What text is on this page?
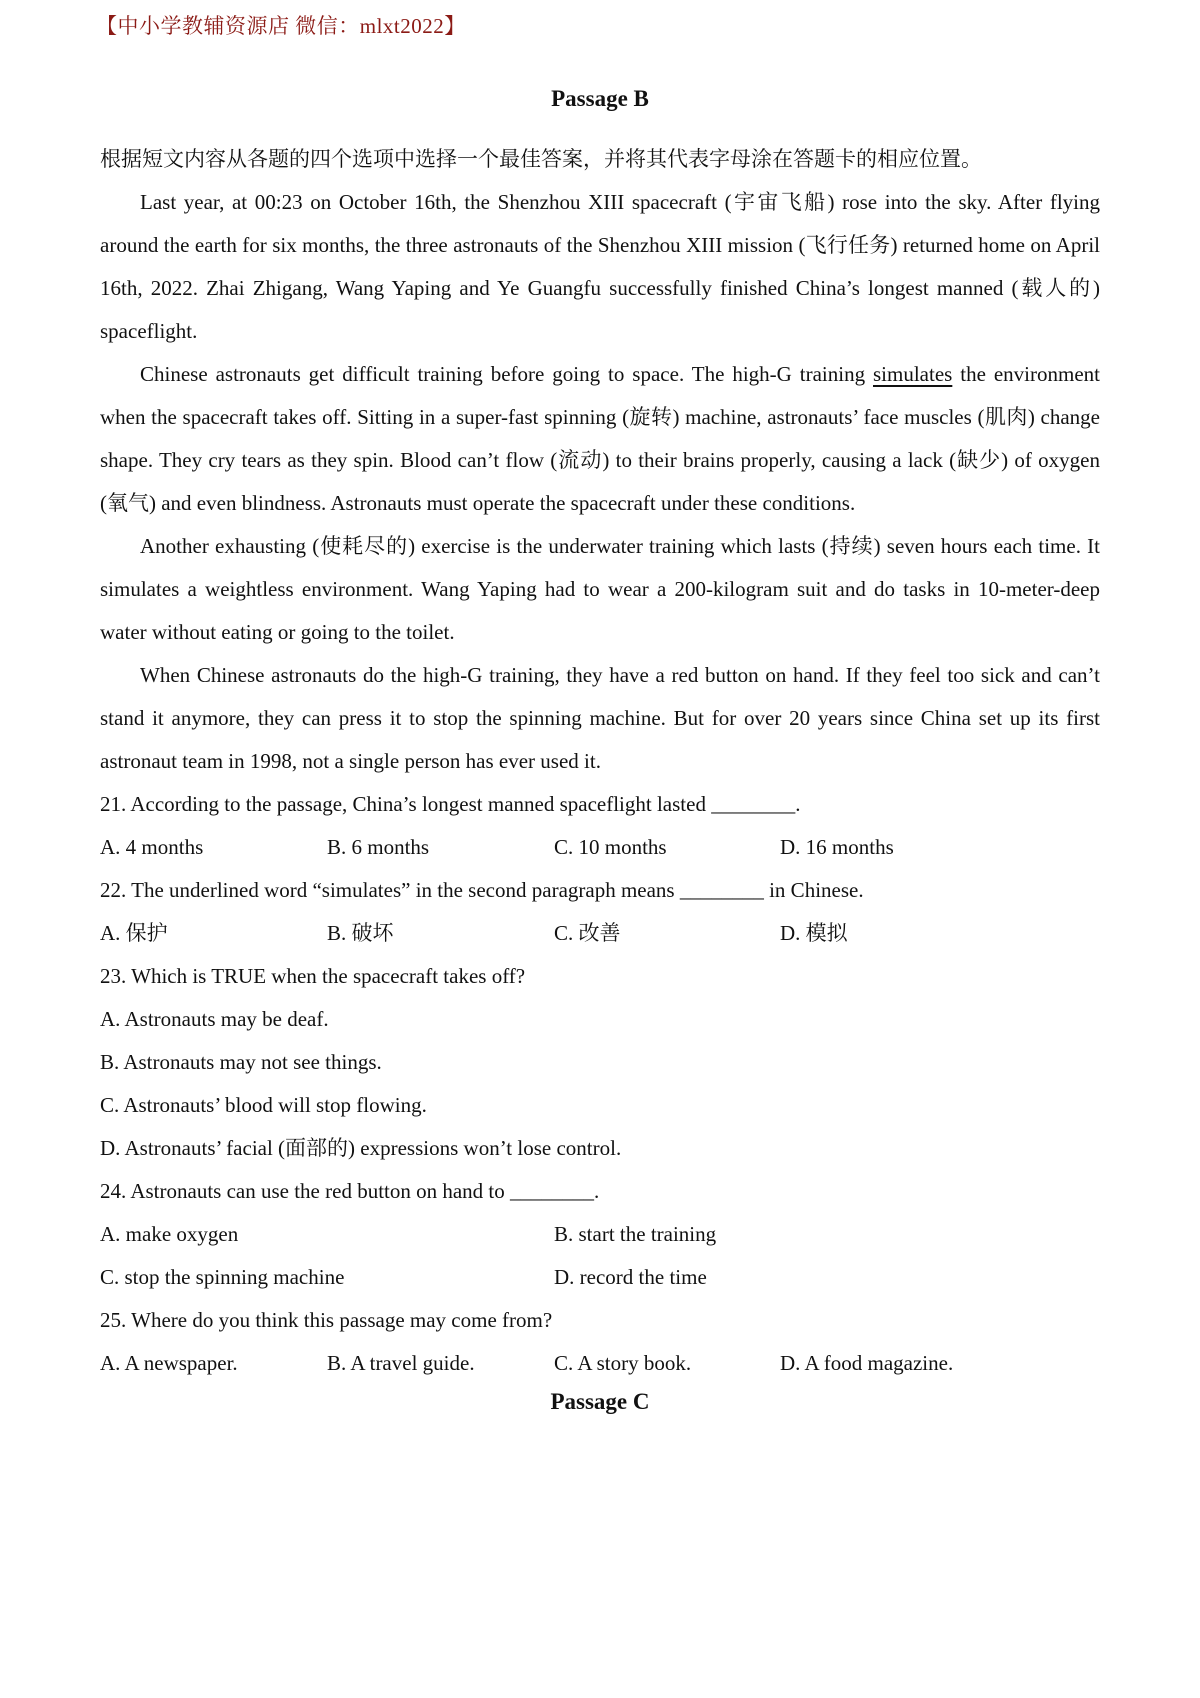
【中小学教辅资源店 微信：mlxt2022】
Passage B
根据短文内容从各题的四个选项中选择一个最佳答案，并将其代表字母涂在答题卡的相应位置。

Last year, at 00:23 on October 16th, the Shenzhou XIII spacecraft (宇宙飞船) rose into the sky. After flying around the earth for six months, the three astronauts of the Shenzhou XIII mission (飞行任务) returned home on April 16th, 2022. Zhai Zhigang, Wang Yaping and Ye Guangfu successfully finished China’s longest manned (载人的) spaceflight.

Chinese astronauts get difficult training before going to space. The high-G training simulates the environment when the spacecraft takes off. Sitting in a super-fast spinning (旋转) machine, astronauts’ face muscles (肌肉) change shape. They cry tears as they spin. Blood can’t flow (流动) to their brains properly, causing a lack (缺少) of oxygen (氧气) and even blindness. Astronauts must operate the spacecraft under these conditions.

Another exhausting (使耗尽的) exercise is the underwater training which lasts (持续) seven hours each time. It simulates a weightless environment. Wang Yaping had to wear a 200-kilogram suit and do tasks in 10-meter-deep water without eating or going to the toilet.

When Chinese astronauts do the high-G training, they have a red button on hand. If they feel too sick and can’t stand it anymore, they can press it to stop the spinning machine. But for over 20 years since China set up its first astronaut team in 1998, not a single person has ever used it.

21. According to the passage, China’s longest manned spaceflight lasted ________.
A. 4 months	B. 6 months	C. 10 months	D. 16 months
22. The underlined word “simulates” in the second paragraph means ________ in Chinese.
A. 保护	B. 破坏	C. 改善	D. 模拟
23. Which is TRUE when the spacecraft takes off?
A. Astronauts may be deaf.
B. Astronauts may not see things.
C. Astronauts’ blood will stop flowing.
D. Astronauts’ facial (面部的) expressions won’t lose control.
24. Astronauts can use the red button on hand to ________.
A. make oxygen	B. start the training
C. stop the spinning machine	D. record the time
25. Where do you think this passage may come from?
A. A newspaper.	B. A travel guide.	C. A story book.	D. A food magazine.
Passage C
